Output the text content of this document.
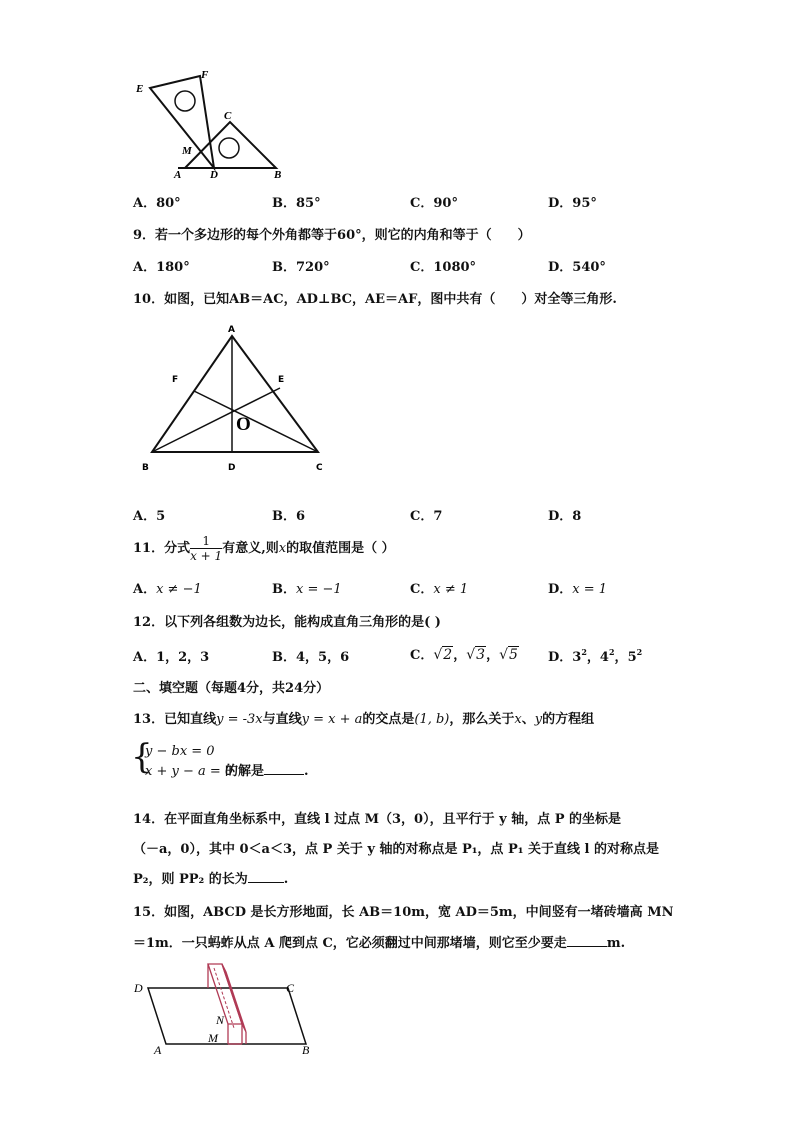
E
F
C
M
A	D	B
A．80°	B．85°	C．90°	D．95°
9．若一个多边形的每个外角都等于60°，则它的内角和等于（　　）
A．180°	B．720°	C．1080°	D．540°
10．如图，已知AB＝AC，AD⊥BC，AE＝AF，图中共有（　　）对全等三角形.
A
F	E
O
B	D	C
A．5	B．6	C．7	D．8
11．分式 $\frac{1}{x + 1}$ 有意义,则x的取值范围是（ ）
A．x ≠ −1	B．x = −1	C．x ≠ 1	D．x = 1
12．以下列各组数为边长，能构成直角三角形的是( )
A．1，2，3	B．4，5，6	C．√2，√3，√5 D．$3^2$，$4^2$，$5^2$
二、填空题（每题4分，共24分）
13．已知直线y = -3x与直线y = x + a的交点是(1, b)，那么关于x、y的方程组
{
y − bx = 0
x + y − a = 0
的解是	.
14．在平面直角坐标系中，直线 l 过点 M（3，0），且平行于 y 轴，点 P 的坐标是
（－a，0），其中 0＜a＜3，点 P 关于 y 轴的对称点是 P₁，点 P₁ 关于直线 l 的对称点是
P₂，则 PP₂ 的长为	.
15．如图，ABCD 是长方形地面，长 AB＝10m，宽 AD＝5m，中间竖有一堵砖墙高 MN
＝1m．一只蚂蚱从点 A 爬到点 C，它必须翻过中间那堵墙，则它至少要走	m.
D	C
N
M
A	B
